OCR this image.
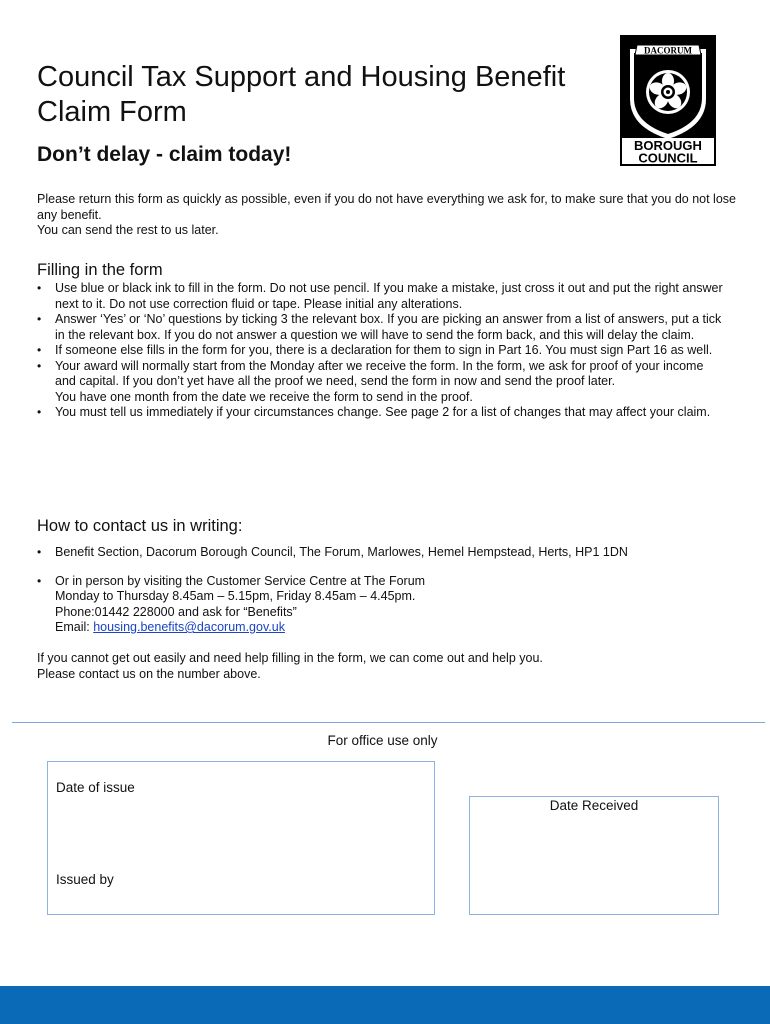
Council Tax Support and Housing Benefit Claim Form
Don’t delay - claim today!
DACORUM
BOROUGH
COUNCIL

Please return this form as quickly as possible, even if you do not have everything we ask for, to make sure that you do not lose any benefit.

You can send the rest to us later.

Filling in the form
• Use blue or black ink to fill in the form. Do not use pencil. If you make a mistake, just cross it out and put the right answer next to it. Do not use correction fluid or tape. Please initial any alterations.
• Answer ‘Yes’ or ‘No’ questions by ticking 3 the relevant box. If you are picking an answer from a list of answers, put a tick in the relevant box. If you do not answer a question we will have to send the form back, and this will delay the claim.
• If someone else fills in the form for you, there is a declaration for them to sign in Part 16. You must sign Part 16 as well.
• Your award will normally start from the Monday after we receive the form. In the form, we ask for proof of your income and capital. If you don’t yet have all the proof we need, send the form in now and send the proof later.
You have one month from the date we receive the form to send in the proof.
• You must tell us immediately if your circumstances change. See page 2 for a list of changes that may affect your claim.
How to contact us in writing:
• Benefit Section, Dacorum Borough Council, The Forum, Marlowes, Hemel Hempstead, Herts, HP1 1DN
• Or in person by visiting the Customer Service Centre at The Forum
Monday to Thursday 8.45am – 5.15pm, Friday 8.45am – 4.45pm.
Phone:01442 228000 and ask for “Benefits”
Email: housing.benefits@dacorum.gov.uk

If you cannot get out easily and need help filling in the form, we can come out and help you.

Please contact us on the number above.

For office use only
Date of issue
Issued by
Date Received
